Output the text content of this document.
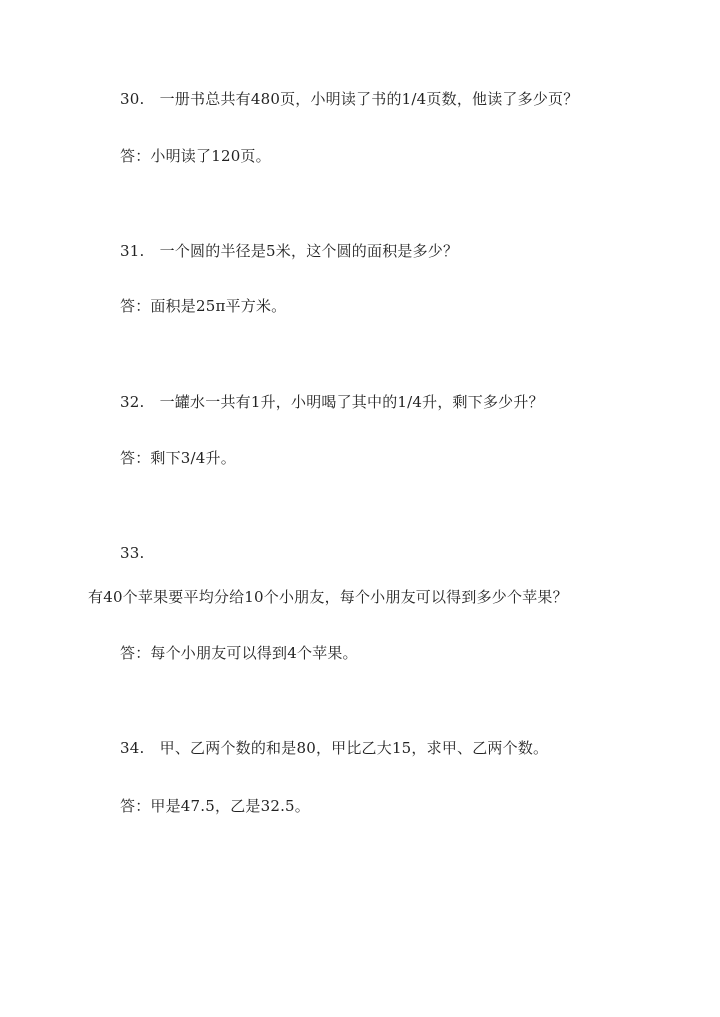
30.　一册书总共有480页，小明读了书的1/4页数，他读了多少页？
答：小明读了120页。
31.　一个圆的半径是5米，这个圆的面积是多少？
答：面积是25π平方米。
32.　一罐水一共有1升，小明喝了其中的1/4升，剩下多少升？
答：剩下3/4升。
33.
有40个苹果要平均分给10个小朋友，每个小朋友可以得到多少个苹果？
答：每个小朋友可以得到4个苹果。
34.　甲、乙两个数的和是80，甲比乙大15，求甲、乙两个数。
答：甲是47.5，乙是32.5。
